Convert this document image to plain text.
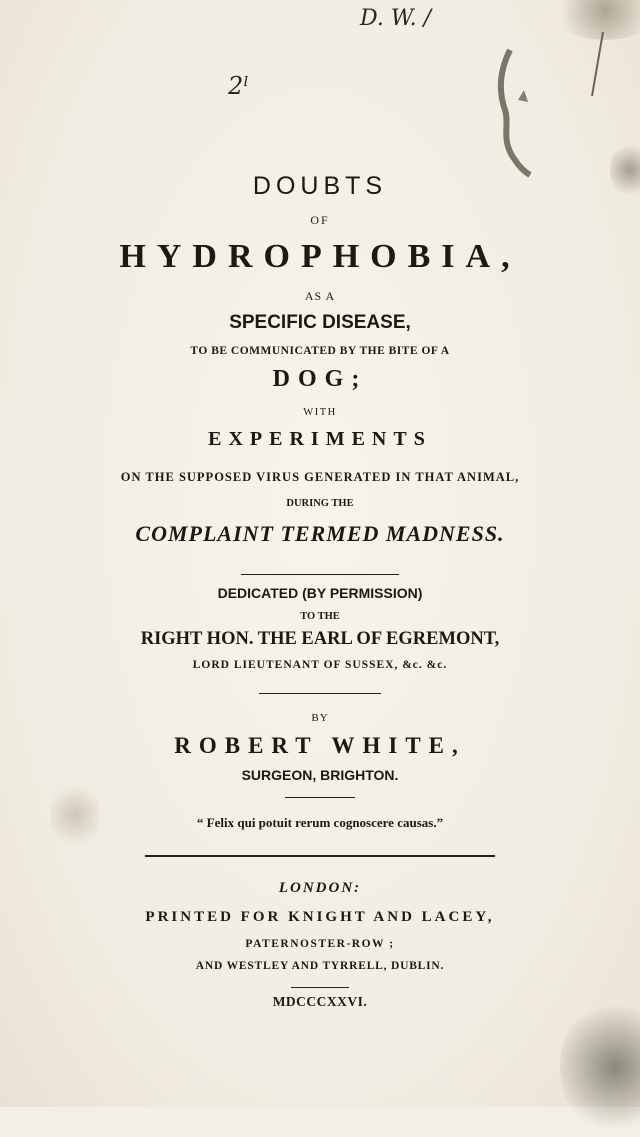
D. W. /
2ˡ
DOUBTS
OF
HYDROPHOBIA,
AS A
SPECIFIC DISEASE,
TO BE COMMUNICATED BY THE BITE OF A
DOG;
WITH
EXPERIMENTS
ON THE SUPPOSED VIRUS GENERATED IN THAT ANIMAL,
DURING THE
COMPLAINT TERMED MADNESS.
DEDICATED (BY PERMISSION)
TO THE
RIGHT HON. THE EARL OF EGREMONT,
LORD LIEUTENANT OF SUSSEX, &c. &c.
BY
ROBERT WHITE,
SURGEON, BRIGHTON.
“ Felix qui potuit rerum cognoscere causas.”
LONDON:
PRINTED FOR KNIGHT AND LACEY,
PATERNOSTER-ROW ;
AND WESTLEY AND TYRRELL, DUBLIN.
MDCCCXXVI.
